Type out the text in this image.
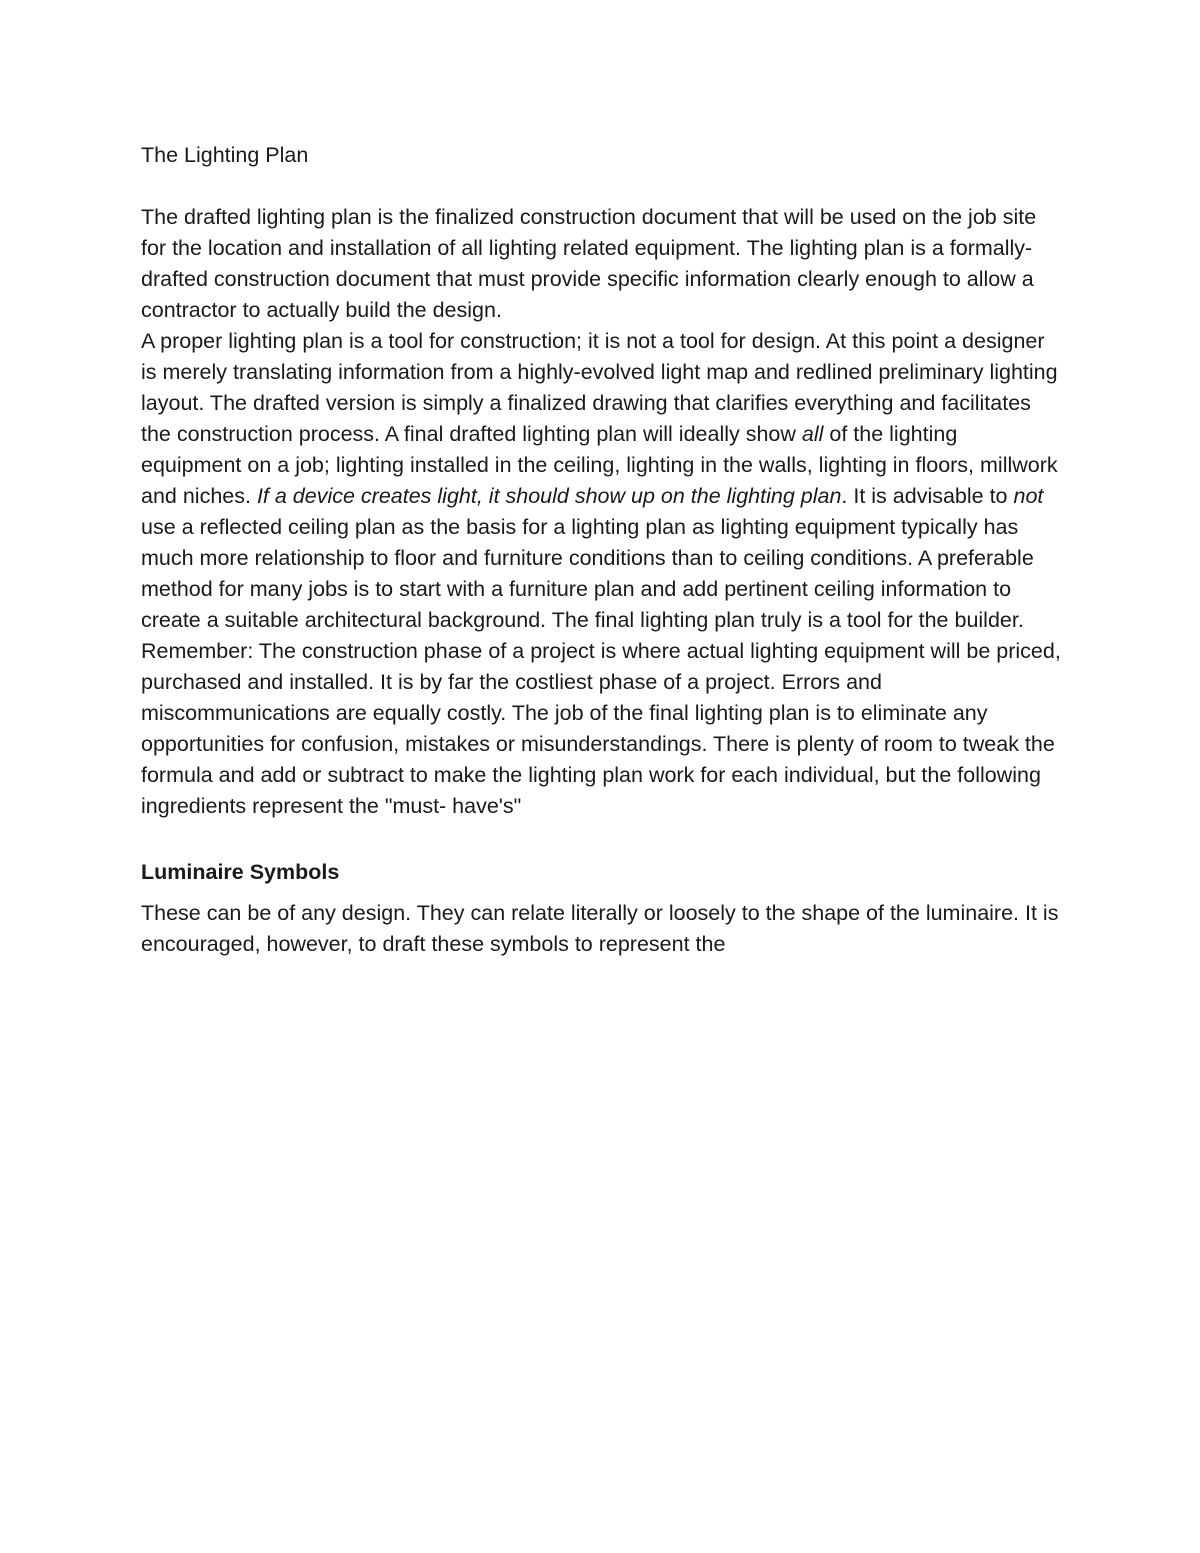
The Lighting Plan

The drafted lighting plan is the finalized construction document that will be used on the job site for the location and installation of all lighting related equipment. The lighting plan is a formally-drafted construction document that must provide specific information clearly enough to allow a contractor to actually build the design.

A proper lighting plan is a tool for construction; it is not a tool for design. At this point a designer is merely translating information from a highly-evolved light map and redlined preliminary lighting layout. The drafted version is simply a finalized drawing that clarifies everything and facilitates the construction process. A final drafted lighting plan will ideally show all of the lighting equipment on a job; lighting installed in the ceiling, lighting in the walls, lighting in floors, millwork and niches. If a device creates light, it should show up on the lighting plan. It is advisable to not use a reflected ceiling plan as the basis for a lighting plan as lighting equipment typically has much more relationship to floor and furniture conditions than to ceiling conditions. A preferable method for many jobs is to start with a furniture plan and add pertinent ceiling information to create a suitable architectural background. The final lighting plan truly is a tool for the builder. Remember: The construction phase of a project is where actual lighting equipment will be priced, purchased and installed. It is by far the costliest phase of a project. Errors and miscommunications are equally costly. The job of the final lighting plan is to eliminate any opportunities for confusion, mistakes or misunderstandings. There is plenty of room to tweak the formula and add or subtract to make the lighting plan work for each individual, but the following ingredients represent the "must- have's"

Luminaire Symbols

These can be of any design. They can relate literally or loosely to the shape of the luminaire. It is encouraged, however, to draft these symbols to represent the
